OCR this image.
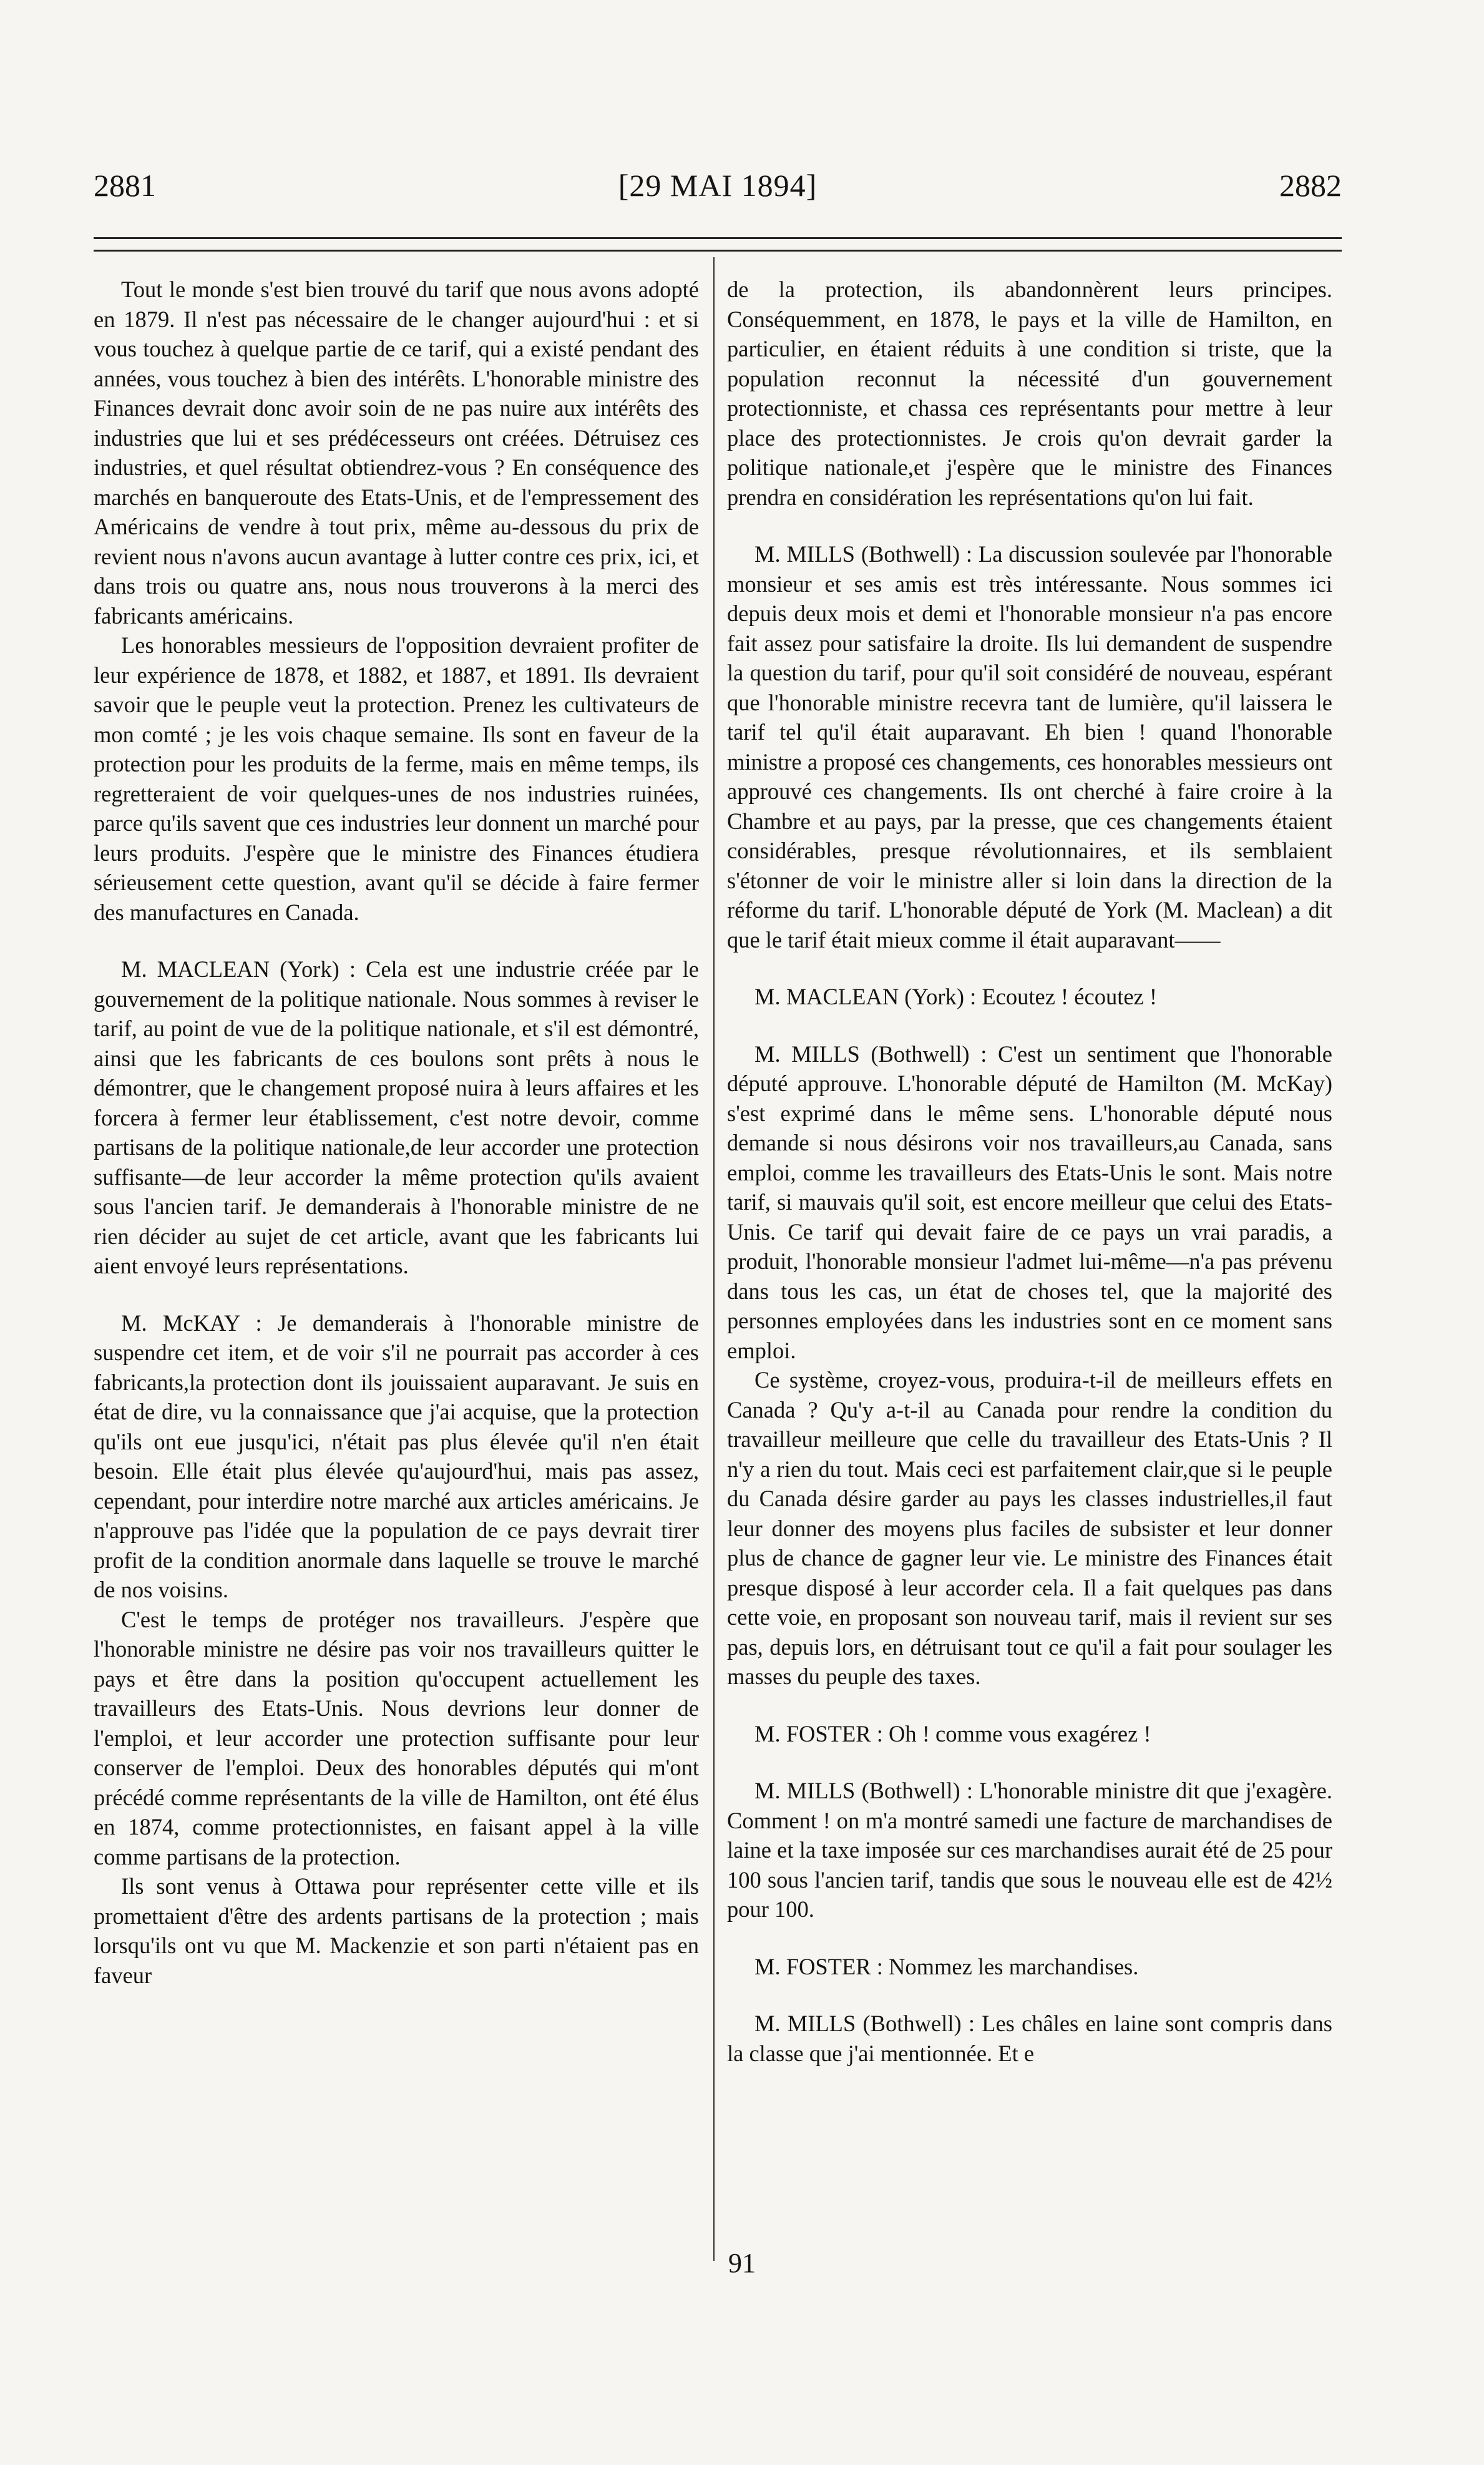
2881	[29 MAI 1894]	2882

Tout le monde s'est bien trouvé du tarif que nous avons adopté en 1879. Il n'est pas nécessaire de le changer aujourd'hui : et si vous touchez à quelque partie de ce tarif, qui a existé pendant des années, vous touchez à bien des intérêts. L'honorable ministre des Finances devrait donc avoir soin de ne pas nuire aux intérêts des industries que lui et ses prédécesseurs ont créées. Détruisez ces industries, et quel résultat obtiendrez-vous ? En conséquence des marchés en banqueroute des Etats-Unis, et de l'empressement des Américains de vendre à tout prix, même au-dessous du prix de revient nous n'avons aucun avantage à lutter contre ces prix, ici, et dans trois ou quatre ans, nous nous trouverons à la merci des fabricants américains.

Les honorables messieurs de l'opposition devraient profiter de leur expérience de 1878, et 1882, et 1887, et 1891. Ils devraient savoir que le peuple veut la protection. Prenez les cultivateurs de mon comté ; je les vois chaque semaine. Ils sont en faveur de la protection pour les produits de la ferme, mais en même temps, ils regretteraient de voir quelques-unes de nos industries ruinées, parce qu'ils savent que ces industries leur donnent un marché pour leurs produits. J'espère que le ministre des Finances étudiera sérieusement cette question, avant qu'il se décide à faire fermer des manufactures en Canada.

M. MACLEAN (York) : Cela est une industrie créée par le gouvernement de la politique nationale. Nous sommes à reviser le tarif, au point de vue de la politique nationale, et s'il est démontré, ainsi que les fabricants de ces boulons sont prêts à nous le démontrer, que le changement proposé nuira à leurs affaires et les forcera à fermer leur établissement, c'est notre devoir, comme partisans de la politique nationale,de leur accorder une protection suffisante—de leur accorder la même protection qu'ils avaient sous l'ancien tarif. Je demanderais à l'honorable ministre de ne rien décider au sujet de cet article, avant que les fabricants lui aient envoyé leurs représentations.

M. McKAY : Je demanderais à l'honorable ministre de suspendre cet item, et de voir s'il ne pourrait pas accorder à ces fabricants,la protection dont ils jouissaient auparavant. Je suis en état de dire, vu la connaissance que j'ai acquise, que la protection qu'ils ont eue jusqu'ici, n'était pas plus élevée qu'il n'en était besoin. Elle était plus élevée qu'aujourd'hui, mais pas assez, cependant, pour interdire notre marché aux articles américains. Je n'approuve pas l'idée que la population de ce pays devrait tirer profit de la condition anormale dans laquelle se trouve le marché de nos voisins.

C'est le temps de protéger nos travailleurs. J'espère que l'honorable ministre ne désire pas voir nos travailleurs quitter le pays et être dans la position qu'occupent actuellement les travailleurs des Etats-Unis. Nous devrions leur donner de l'emploi, et leur accorder une protection suffisante pour leur conserver de l'emploi. Deux des honorables députés qui m'ont précédé comme représentants de la ville de Hamilton, ont été élus en 1874, comme protectionnistes, en faisant appel à la ville comme partisans de la protection.

Ils sont venus à Ottawa pour représenter cette ville et ils promettaient d'être des ardents partisans de la protection ; mais lorsqu'ils ont vu que M. Mackenzie et son parti n'étaient pas en faveur

de la protection, ils abandonnèrent leurs principes. Conséquemment, en 1878, le pays et la ville de Hamilton, en particulier, en étaient réduits à une condition si triste, que la population reconnut la nécessité d'un gouvernement protectionniste, et chassa ces représentants pour mettre à leur place des protectionnistes. Je crois qu'on devrait garder la politique nationale,et j'espère que le ministre des Finances prendra en considération les représentations qu'on lui fait.

M. MILLS (Bothwell) : La discussion soulevée par l'honorable monsieur et ses amis est très intéressante. Nous sommes ici depuis deux mois et demi et l'honorable monsieur n'a pas encore fait assez pour satisfaire la droite. Ils lui demandent de suspendre la question du tarif, pour qu'il soit considéré de nouveau, espérant que l'honorable ministre recevra tant de lumière, qu'il laissera le tarif tel qu'il était auparavant. Eh bien ! quand l'honorable ministre a proposé ces changements, ces honorables messieurs ont approuvé ces changements. Ils ont cherché à faire croire à la Chambre et au pays, par la presse, que ces changements étaient considérables, presque révolutionnaires, et ils semblaient s'étonner de voir le ministre aller si loin dans la direction de la réforme du tarif. L'honorable député de York (M. Maclean) a dit que le tarif était mieux comme il était auparavant——

M. MACLEAN (York) : Ecoutez ! écoutez !

M. MILLS (Bothwell) : C'est un sentiment que l'honorable député approuve. L'honorable député de Hamilton (M. McKay) s'est exprimé dans le même sens. L'honorable député nous demande si nous désirons voir nos travailleurs,au Canada, sans emploi, comme les travailleurs des Etats-Unis le sont. Mais notre tarif, si mauvais qu'il soit, est encore meilleur que celui des Etats-Unis. Ce tarif qui devait faire de ce pays un vrai paradis, a produit, l'honorable monsieur l'admet lui-même—n'a pas prévenu dans tous les cas, un état de choses tel, que la majorité des personnes employées dans les industries sont en ce moment sans emploi.

Ce système, croyez-vous, produira-t-il de meilleurs effets en Canada ? Qu'y a-t-il au Canada pour rendre la condition du travailleur meilleure que celle du travailleur des Etats-Unis ? Il n'y a rien du tout. Mais ceci est parfaitement clair,que si le peuple du Canada désire garder au pays les classes industrielles,il faut leur donner des moyens plus faciles de subsister et leur donner plus de chance de gagner leur vie. Le ministre des Finances était presque disposé à leur accorder cela. Il a fait quelques pas dans cette voie, en proposant son nouveau tarif, mais il revient sur ses pas, depuis lors, en détruisant tout ce qu'il a fait pour soulager les masses du peuple des taxes.

M. FOSTER : Oh ! comme vous exagérez !

M. MILLS (Bothwell) : L'honorable ministre dit que j'exagère. Comment ! on m'a montré samedi une facture de marchandises de laine et la taxe imposée sur ces marchandises aurait été de 25 pour 100 sous l'ancien tarif, tandis que sous le nouveau elle est de 42½ pour 100.

M. FOSTER : Nommez les marchandises.

M. MILLS (Bothwell) : Les châles en laine sont compris dans la classe que j'ai mentionnée. Et e

91
